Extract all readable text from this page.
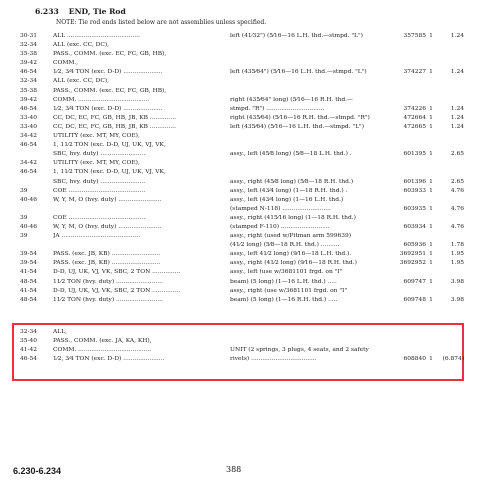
6.233 END, Tie Rod
NOTE: Tie rod ends listed below are not assemblies unless specified.
30-31	ALL .......................................	left (41⁄32") (5⁄16—16 L.H. thd.—stmpd. "L")	357585 1	1.24
32-34	ALL (exc. CC, DC),
35-38	PASS., COMM. (exc. EC, FC, GB, HB),
39-42	COMM.,
46-54	1⁄2, 3⁄4 TON (exc. D-D) .....................	left (435⁄64") (5⁄16—16 L.H. thd.—stmpd. "L")	374227 1	1.24
32-34	ALL (exc. CC, DC),
35-38	PASS., COMM. (exc. EC, FC, GB, HB),
39-42	COMM. ......................................	right (435⁄64" long) (5⁄16—16 R.H. thd.—
46-54	1⁄2, 3⁄4 TON (exc. D-D) .....................	stmpd. "R") ...............................	374226 1	1.24
33-40	CC, DC, EC, FC, GB, HB, JB, KB ..............	right (435⁄64) (5⁄16—16 R.H. thd.—stmpd. "R")	472664 1	1.24
33-40	CC, DC, EC, FC, GB, HB, JB, KB ..............	left (435⁄64) (5⁄16—16 L.H. thd.—stmpd. "L")	472665 1	1.24
34-42	UTILITY (exc. MT, MY, COE),
46-54	1, 11⁄2 TON (exc. D-D, UJ, UK, VJ, VK,
SBC, hvy. duty) ........................	assy., left (45⁄8 long) (5⁄8—18 L.H. thd.) .	601395 1	2.65
34-42	UTILITY (exc. MT, MY, COE),
46-54	1, 11⁄2 TON (exc. D-D, UJ, UK, VJ, VK,
SBC, hvy. duty) ........................	assy., right (45⁄8 long) (5⁄8—18 R.H. thd.)	601396 1	2.65
39	COE .........................................	assy., left (43⁄4 long) (1—18 R.H. thd.) .	603933 1	4.76
40-46	W, Y, M, O (hvy. duty) .......................	assy., left (43⁄4 long) (1—16 L.H. thd.)
(stamped N-118) ..........................	603935 1	4.76
39	COE .........................................	assy., right (415⁄16 long) (1—18 R.H. thd.)
40-46	W, Y, M, O (hvy. duty) .......................	(stamped F-110) ..........................	603934 1	4.76
39	JA ..........................................	assy., right (used w/Pitman arm 599639)
(41⁄2 long) (5⁄8—18 R.H. thd.) ..........	605936 1	1.78
39-54	PASS. (exc. JB, KB) ..........................	assy., left 41⁄2 long) (9⁄16—18 L.H. thd.).	3692951 1	1.95
39-54	PASS. (exc. JB, KB) ..........................	assy., right (41⁄2 long) (9⁄16—18 R.H. thd.)	3692952 1	1.95
41-54	D-D, UJ, UK, VJ, VK, SBC, 2 TON ...............	assy., left (use w/3681101 frgd. on "I"
48-54	11⁄2 TON (hvy. duty) .........................	beam) (5 long) (1—16 L.H. thd.) .....	609747 1	3.98
41-54	D-D, UJ, UK, VJ, VK, SBC, 2 TON ...............	assy., right (use w/3681101 frgd. on "I"
48-54	11⁄2 TON (hvy. duty) .........................	beam) (5 long) (1—16 R.H. thd.) .....	609748 1	3.98
32-34	ALL,
35-40	PASS., COMM. (exc. JA, KA, KH),
41-42	COMM. .......................................	UNIT (2 springs, 3 plugs, 4 seats, and 2 safety
46-54	1⁄2, 3⁄4 TON (exc. D-D) ......................	rivets) ...................................	608840 1	(6.874)
6.230-6.234	388
